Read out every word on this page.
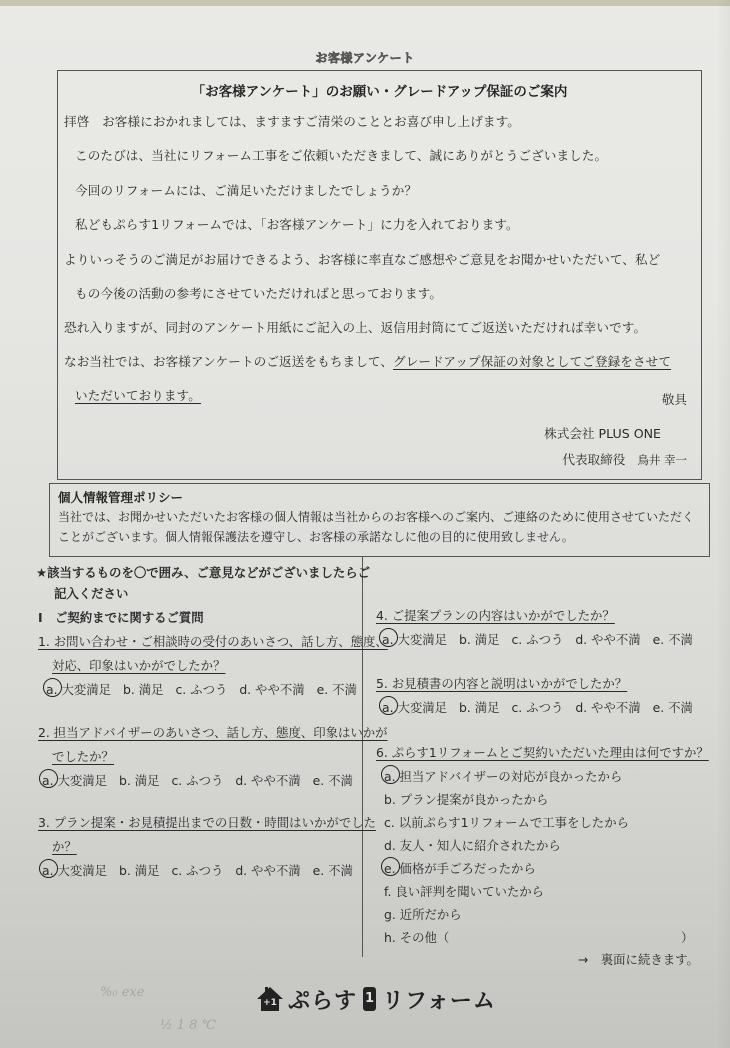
お客様アンケート
「お客様アンケート」のお願い・グレードアップ保証のご案内
拝啓　お客様におかれましては、ますますご清栄のこととお喜び申し上げます。
このたびは、当社にリフォーム工事をご依頼いただきまして、誠にありがとうございました。
今回のリフォームには、ご満足いただけましたでしょうか？
私どもぷらす1リフォームでは、「お客様アンケート」に力を入れております。
よりいっそうのご満足がお届けできるよう、お客様に率直なご感想やご意見をお聞かせいただいて、私ど
もの今後の活動の参考にさせていただければと思っております。
恐れ入りますが、同封のアンケート用紙にご記入の上、返信用封筒にてご返送いただければ幸いです。
なお当社では、お客様アンケートのご返送をもちまして、グレードアップ保証の対象としてご登録をさせて
いただいております。	敬具
株式会社 PLUS ONE
代表取締役 鳥井 幸一
個人情報管理ポリシー
当社では、お聞かせいただいたお客様の個人情報は当社からのお客様へのご案内、ご連絡のために使用させていただく
ことがございます。個人情報保護法を遵守し、お客様の承諾なしに他の目的に使用致しません。
★該当するものを〇で囲み、ご意見などがございましたらご
記入ください
Ⅰ　ご契約までに関するご質問
1. お問い合わせ・ご相談時の受付のあいさつ、話し方、態度、
対応、印象はいかがでしたか？
a. 大変満足 b. 満足 c. ふつう d. やや不満 e. 不満
2. 担当アドバイザーのあいさつ、話し方、態度、印象はいかが
でしたか？
a. 大変満足 b. 満足 c. ふつう d. やや不満 e. 不満
3. プラン提案・お見積提出までの日数・時間はいかがでした
か？
a. 大変満足 b. 満足 c. ふつう d. やや不満 e. 不満
4. ご提案プランの内容はいかがでしたか？
a. 大変満足 b. 満足 c. ふつう d. やや不満 e. 不満
5. お見積書の内容と説明はいかがでしたか？
a. 大変満足 b. 満足 c. ふつう d. やや不満 e. 不満
6. ぷらす1リフォームとご契約いただいた理由は何ですか？
a. 担当アドバイザーの対応が良かったから
b. プラン提案が良かったから
c. 以前ぷらす1リフォームで工事をしたから
d. 友人・知人に紹介されたから
e. 価格が手ごろだったから
f. 良い評判を聞いていたから
g. 近所だから
h. その他（	）
→　裏面に続きます。
%₀ exe
½ 1 8 ℃
+1 ぷらす 1 リフォーム
